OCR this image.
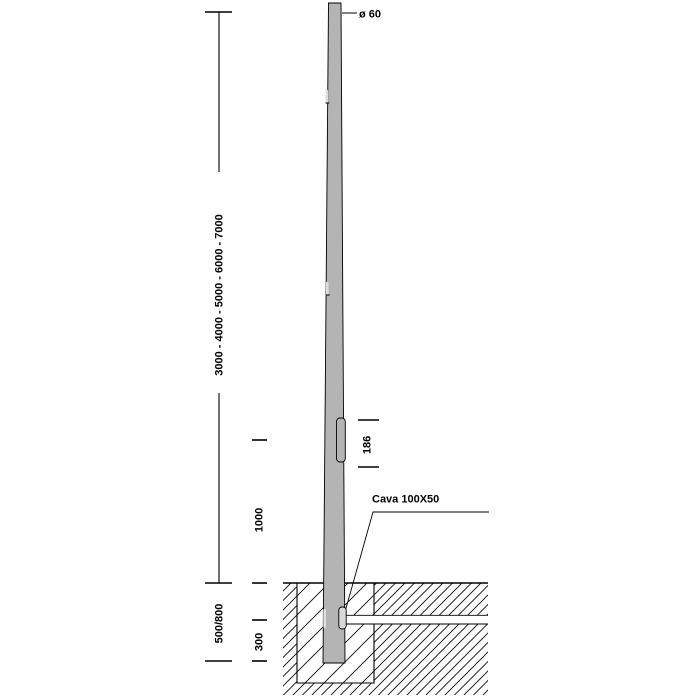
ø 60
3000 - 4000 - 5000 - 6000 - 7000
500/800
1000
300
186
Cava 100X50
